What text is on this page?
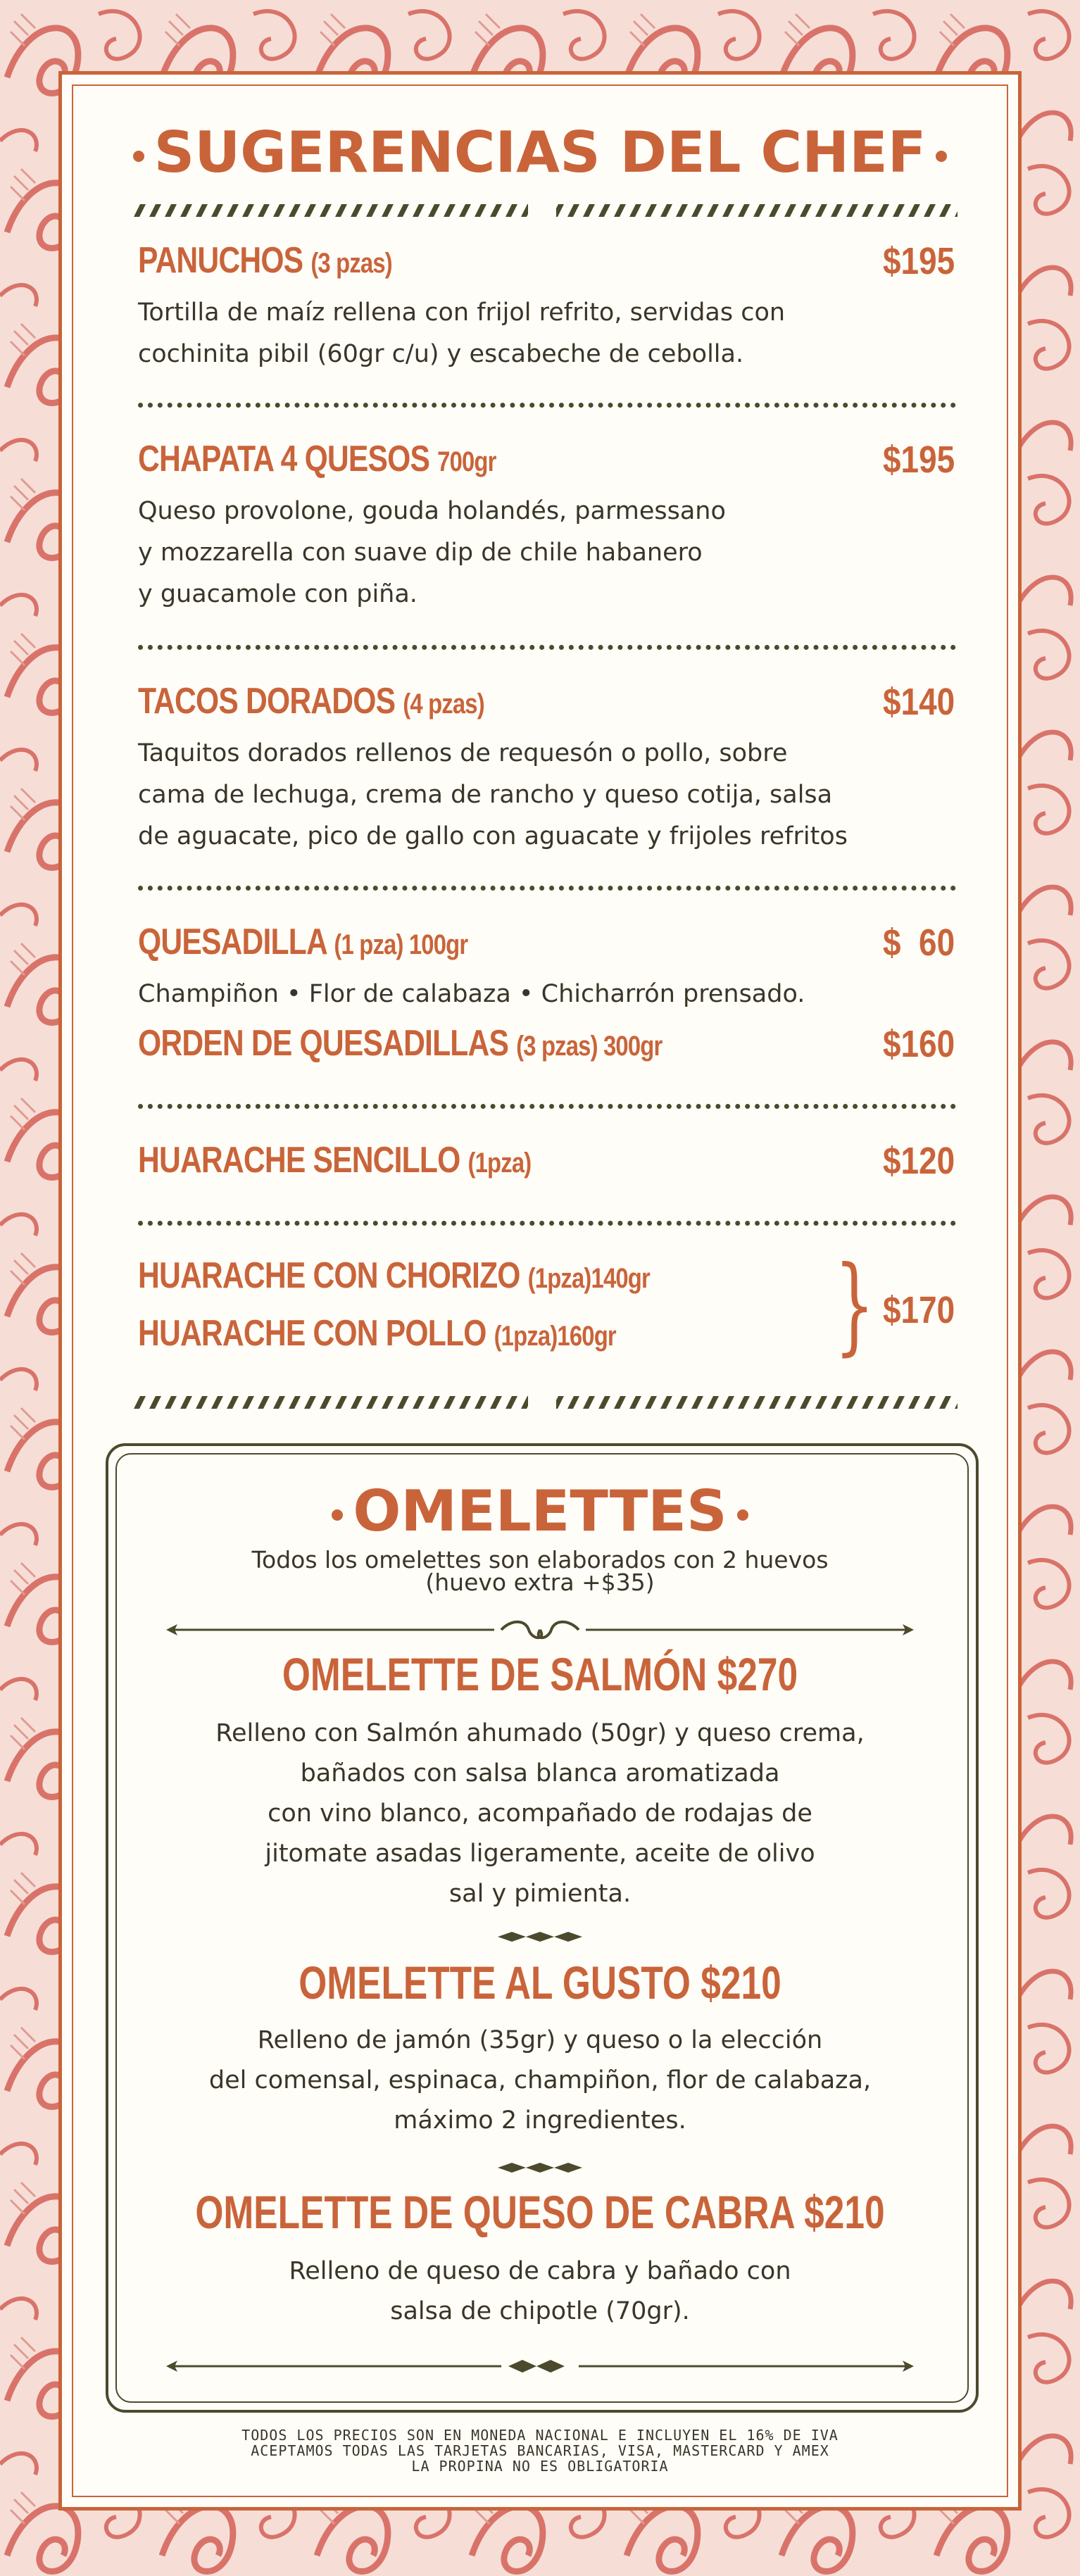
SUGERENCIAS DEL CHEF
PANUCHOS (3 pzas)	$195
Tortilla de maíz rellena con frijol refrito, servidas con
cochinita pibil (60gr c/u) y escabeche de cebolla.
CHAPATA 4 QUESOS 700gr	$195
Queso provolone, gouda holandés, parmessano
y mozzarella con suave dip de chile habanero
y guacamole con piña.
TACOS DORADOS (4 pzas)	$140
Taquitos dorados rellenos de requesón o pollo, sobre
cama de lechuga, crema de rancho y queso cotija, salsa
de aguacate, pico de gallo con aguacate y frijoles refritos
QUESADILLA (1 pza) 100gr	$  60
Champiñon • Flor de calabaza • Chicharrón prensado.
ORDEN DE QUESADILLAS (3 pzas) 300gr	$160
HUARACHE SENCILLO (1pza)	$120
HUARACHE CON CHORIZO (1pza)140gr
HUARACHE CON POLLO (1pza)160gr } $170
OMELETTES
Todos los omelettes son elaborados con 2 huevos
(huevo extra +$35)
OMELETTE DE SALMÓN $270
Relleno con Salmón ahumado (50gr) y queso crema,
bañados con salsa blanca aromatizada
con vino blanco, acompañado de rodajas de
jitomate asadas ligeramente, aceite de olivo
sal y pimienta.
OMELETTE AL GUSTO $210
Relleno de jamón (35gr) y queso o la elección
del comensal, espinaca, champiñon, flor de calabaza,
máximo 2 ingredientes.
OMELETTE DE QUESO DE CABRA $210
Relleno de queso de cabra y bañado con
salsa de chipotle (70gr).
TODOS LOS PRECIOS SON EN MONEDA NACIONAL E INCLUYEN EL 16% DE IVA
ACEPTAMOS TODAS LAS TARJETAS BANCARIAS, VISA, MASTERCARD Y AMEX
LA PROPINA NO ES OBLIGATORIA
